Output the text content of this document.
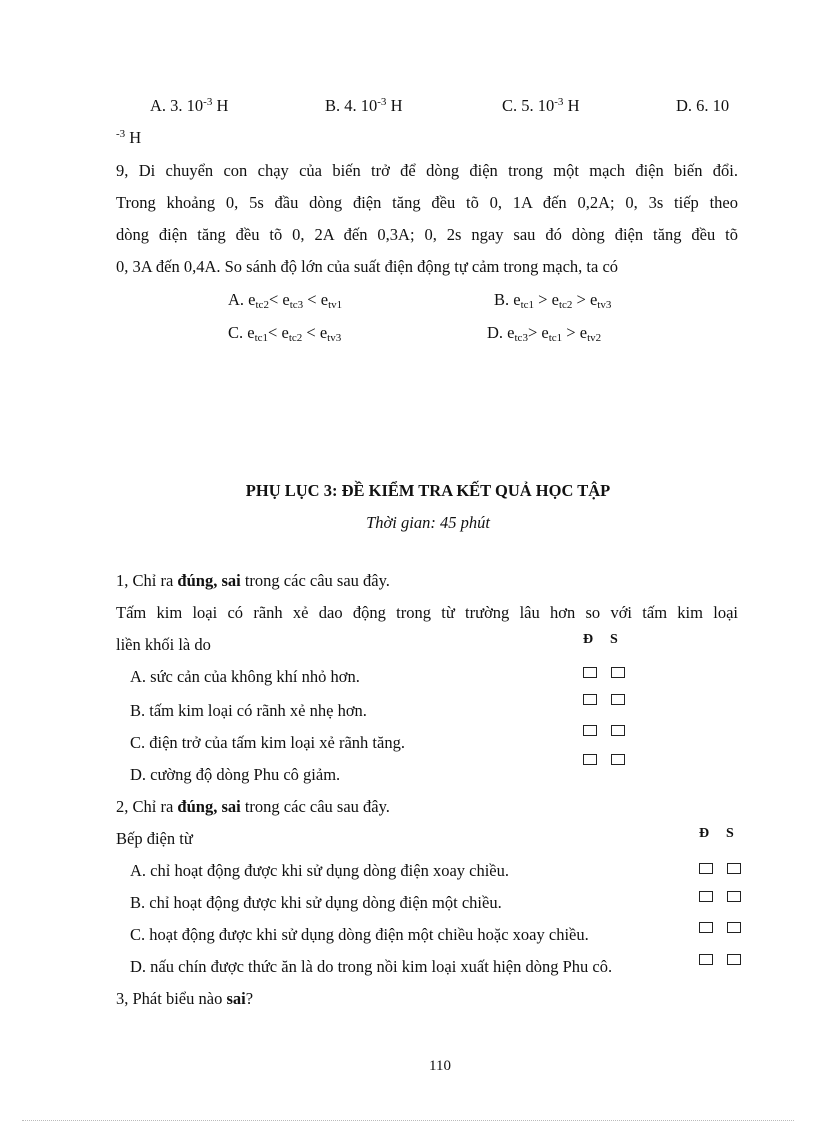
A. 3. $10^{-3}$ H	B. 4. $10^{-3}$ H	C. 5. $10^{-3}$ H	D. 6. 10
$^{-3}$ H
9, Di chuyển con chạy của biến trở để dòng điện trong một mạch điện biến đổi.
Trong khoảng 0, 5s đầu dòng điện tăng đều tõ 0, 1A đến 0,2A; 0, 3s tiếp theo
dòng điện tăng đều tõ 0, 2A đến 0,3A; 0, 2s ngay sau đó dòng điện tăng đều tõ
0, 3A đến 0,4A. So sánh độ lớn của suất điện động tự cảm trong mạch, ta có
A. $e_{tc2}< e_{tc3} < e_{tv1}$	B. $e_{tc1} > e_{tc2} > e_{tv3}$
C. $e_{tc1}< e_{tc2} < e_{tv3}$	D. $e_{tc3}> e_{tc1} > e_{tv2}$
PHỤ LỤC 3: ĐỀ KIỂM TRA KẾT QUẢ HỌC TẬP
Thời gian: 45 phút
1, Chỉ ra đúng, sai trong các câu sau đây.
Tấm kim loại có rãnh xẻ dao động trong từ trường lâu hơn so với tấm kim loại
liền khối là do	Đ S
A. sức cản của không khí nhỏ hơn.
B. tấm kim loại có rãnh xẻ nhẹ hơn.
C. điện trở của tấm kim loại xẻ rãnh tăng.
D. cường độ dòng Phu cô giảm.
2, Chỉ ra đúng, sai trong các câu sau đây.
Bếp điện từ	Đ S
A. chỉ hoạt động được khi sử dụng dòng điện xoay chiều.
B. chỉ hoạt động được khi sử dụng dòng điện một chiều.
C. hoạt động được khi sử dụng dòng điện một chiều hoặc xoay chiều.
D. nấu chín được thức ăn là do trong nồi kim loại xuất hiện dòng Phu cô.
3, Phát biểu nào sai?
110
